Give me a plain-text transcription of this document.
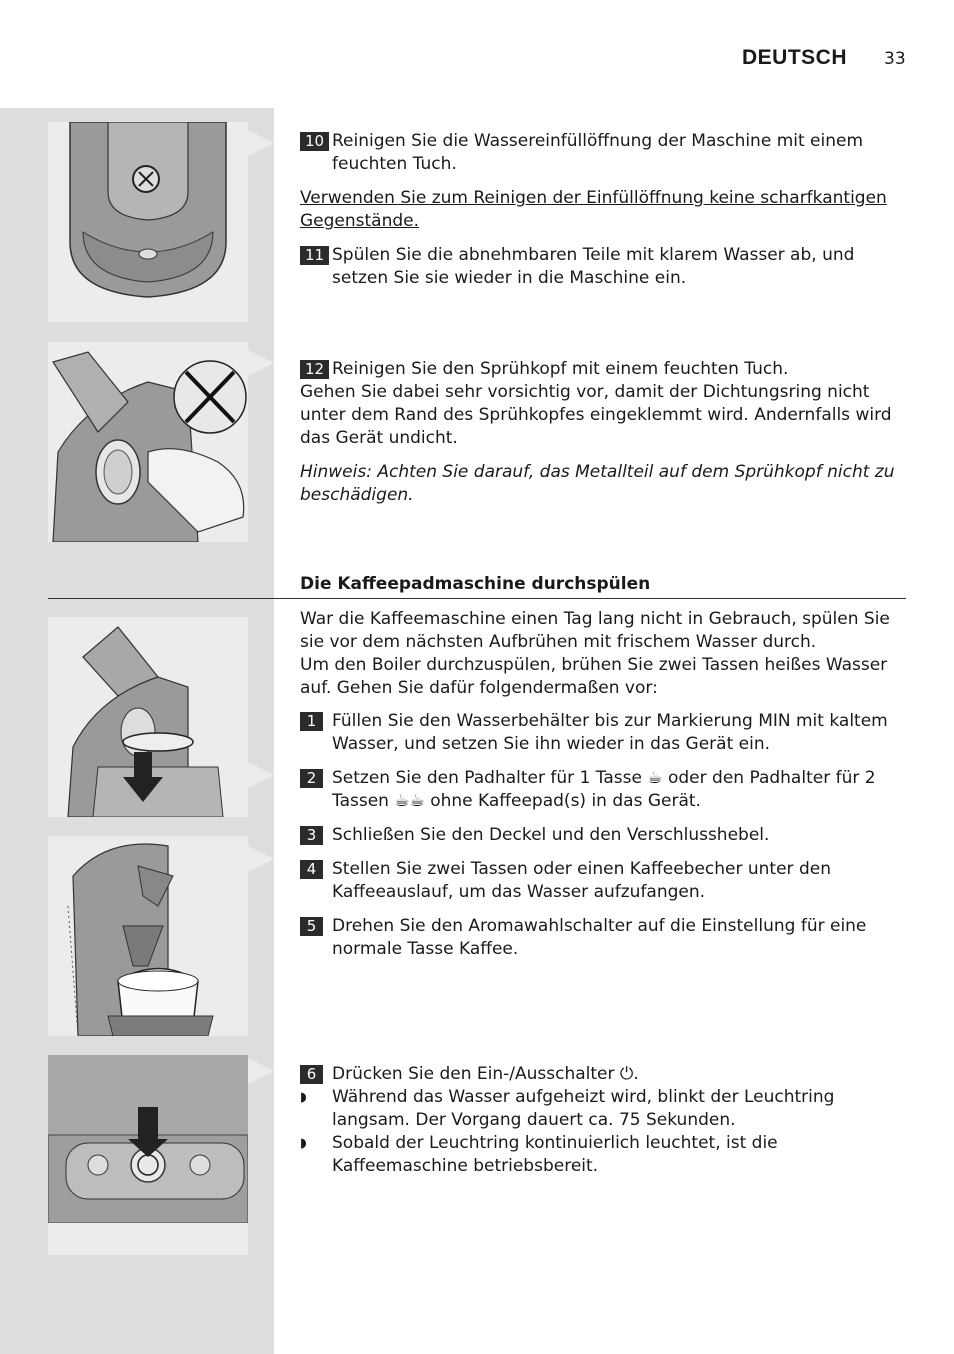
DEUTSCH 33
10 Reinigen Sie die Wassereinfüllöffnung der Maschine mit einem feuchten Tuch.
Verwenden Sie zum Reinigen der Einfüllöffnung keine scharfkantigen Gegenstände.
11 Spülen Sie die abnehmbaren Teile mit klarem Wasser ab, und setzen Sie sie wieder in die Maschine ein.
12 Reinigen Sie den Sprühkopf mit einem feuchten Tuch.
Gehen Sie dabei sehr vorsichtig vor, damit der Dichtungsring nicht unter dem Rand des Sprühkopfes eingeklemmt wird. Andernfalls wird das Gerät undicht.
Hinweis: Achten Sie darauf, das Metallteil auf dem Sprühkopf nicht zu beschädigen.
Die Kaffeepadmaschine durchspülen
War die Kaffeemaschine einen Tag lang nicht in Gebrauch, spülen Sie sie vor dem nächsten Aufbrühen mit frischem Wasser durch.
Um den Boiler durchzuspülen, brühen Sie zwei Tassen heißes Wasser auf. Gehen Sie dafür folgendermaßen vor:
1 Füllen Sie den Wasserbehälter bis zur Markierung MIN mit kaltem Wasser, und setzen Sie ihn wieder in das Gerät ein.
2 Setzen Sie den Padhalter für 1 Tasse ☕ oder den Padhalter für 2 Tassen ☕☕ ohne Kaffeepad(s) in das Gerät.
3 Schließen Sie den Deckel und den Verschlusshebel.
4 Stellen Sie zwei Tassen oder einen Kaffeebecher unter den Kaffeeauslauf, um das Wasser aufzufangen.
5 Drehen Sie den Aromawahlschalter auf die Einstellung für eine normale Tasse Kaffee.
6 Drücken Sie den Ein-/Ausschalter ⏻.
◗ Während das Wasser aufgeheizt wird, blinkt der Leuchtring langsam. Der Vorgang dauert ca. 75 Sekunden.
◗ Sobald der Leuchtring kontinuierlich leuchtet, ist die Kaffeemaschine betriebsbereit.
